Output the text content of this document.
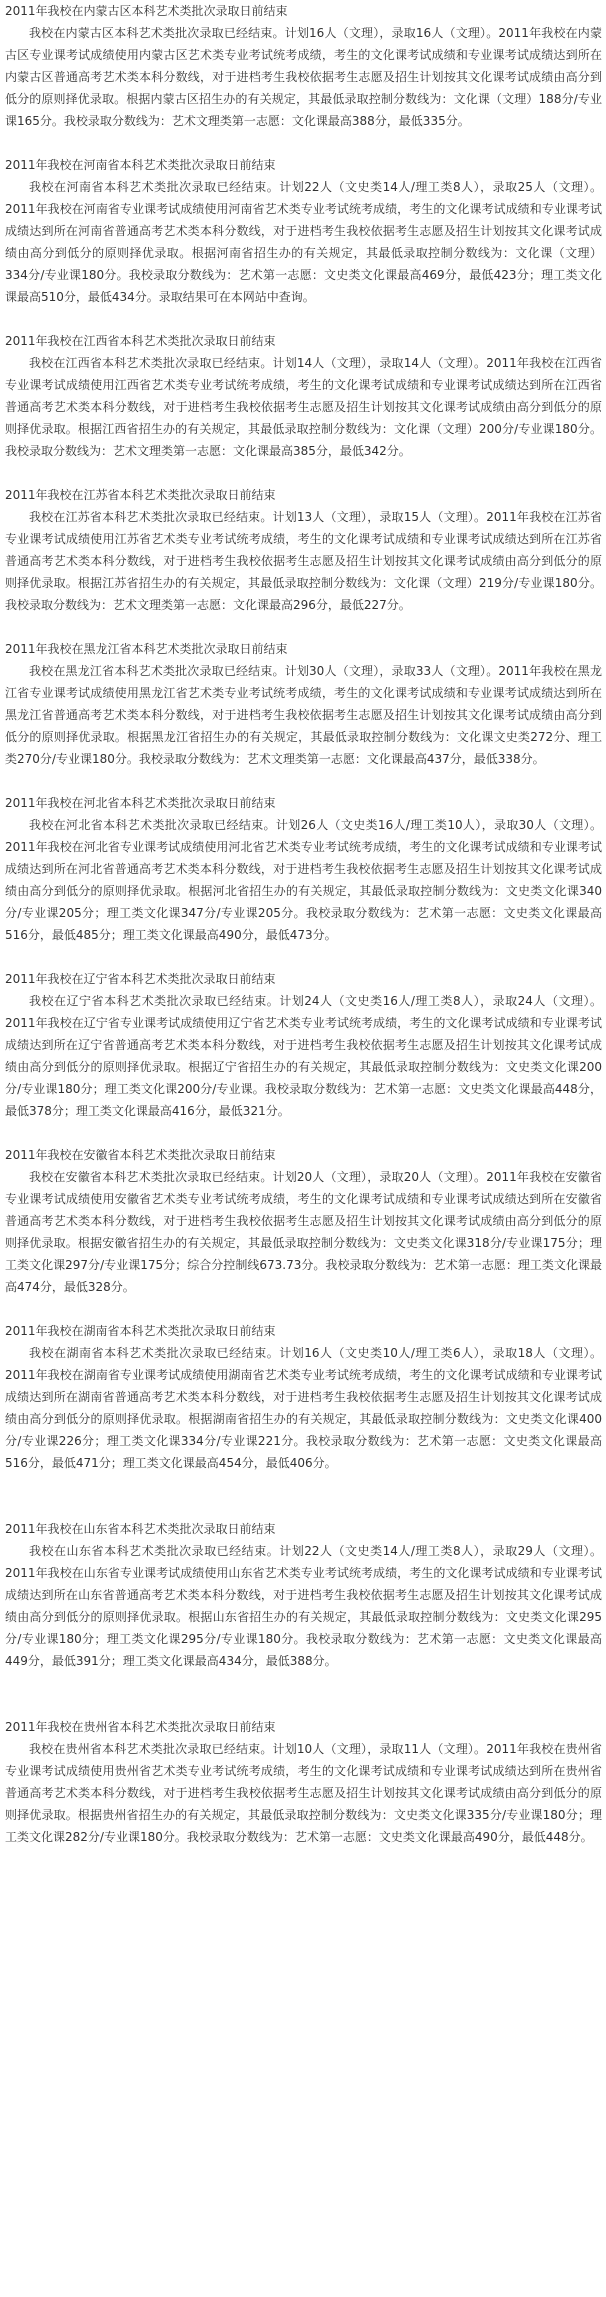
2011年我校在内蒙古区本科艺术类批次录取日前结束

我校在内蒙古区本科艺术类批次录取已经结束。计划16人（文理），录取16人（文理）。2011年我校在内蒙古区专业课考试成绩使用内蒙古区艺术类专业考试统考成绩，考生的文化课考试成绩和专业课考试成绩达到所在内蒙古区普通高考艺术类本科分数线，对于进档考生我校依据考生志愿及招生计划按其文化课考试成绩由高分到低分的原则择优录取。根据内蒙古区招生办的有关规定，其最低录取控制分数线为：文化课（文理）188分/专业课165分。我校录取分数线为：艺术文理类第一志愿：文化课最高388分，最低335分。

2011年我校在河南省本科艺术类批次录取日前结束

我校在河南省本科艺术类批次录取已经结束。计划22人（文史类14人/理工类8人），录取25人（文理）。2011年我校在河南省专业课考试成绩使用河南省艺术类专业考试统考成绩，考生的文化课考试成绩和专业课考试成绩达到所在河南省普通高考艺术类本科分数线，对于进档考生我校依据考生志愿及招生计划按其文化课考试成绩由高分到低分的原则择优录取。根据河南省招生办的有关规定，其最低录取控制分数线为：文化课（文理）334分/专业课180分。我校录取分数线为：艺术第一志愿：文史类文化课最高469分，最低423分；理工类文化课最高510分，最低434分。录取结果可在本网站中查询。

2011年我校在江西省本科艺术类批次录取日前结束

我校在江西省本科艺术类批次录取已经结束。计划14人（文理），录取14人（文理）。2011年我校在江西省专业课考试成绩使用江西省艺术类专业考试统考成绩，考生的文化课考试成绩和专业课考试成绩达到所在江西省普通高考艺术类本科分数线，对于进档考生我校依据考生志愿及招生计划按其文化课考试成绩由高分到低分的原则择优录取。根据江西省招生办的有关规定，其最低录取控制分数线为：文化课（文理）200分/专业课180分。我校录取分数线为：艺术文理类第一志愿：文化课最高385分，最低342分。

2011年我校在江苏省本科艺术类批次录取日前结束

我校在江苏省本科艺术类批次录取已经结束。计划13人（文理），录取15人（文理）。2011年我校在江苏省专业课考试成绩使用江苏省艺术类专业考试统考成绩，考生的文化课考试成绩和专业课考试成绩达到所在江苏省普通高考艺术类本科分数线，对于进档考生我校依据考生志愿及招生计划按其文化课考试成绩由高分到低分的原则择优录取。根据江苏省招生办的有关规定，其最低录取控制分数线为：文化课（文理）219分/专业课180分。我校录取分数线为：艺术文理类第一志愿：文化课最高296分，最低227分。

2011年我校在黑龙江省本科艺术类批次录取日前结束

我校在黑龙江省本科艺术类批次录取已经结束。计划30人（文理），录取33人（文理）。2011年我校在黑龙江省专业课考试成绩使用黑龙江省艺术类专业考试统考成绩，考生的文化课考试成绩和专业课考试成绩达到所在黑龙江省普通高考艺术类本科分数线，对于进档考生我校依据考生志愿及招生计划按其文化课考试成绩由高分到低分的原则择优录取。根据黑龙江省招生办的有关规定，其最低录取控制分数线为：文化课文史类272分、理工类270分/专业课180分。我校录取分数线为：艺术文理类第一志愿：文化课最高437分，最低338分。

2011年我校在河北省本科艺术类批次录取日前结束

我校在河北省本科艺术类批次录取已经结束。计划26人（文史类16人/理工类10人），录取30人（文理）。2011年我校在河北省专业课考试成绩使用河北省艺术类专业考试统考成绩，考生的文化课考试成绩和专业课考试成绩达到所在河北省普通高考艺术类本科分数线，对于进档考生我校依据考生志愿及招生计划按其文化课考试成绩由高分到低分的原则择优录取。根据河北省招生办的有关规定，其最低录取控制分数线为：文史类文化课340分/专业课205分；理工类文化课347分/专业课205分。我校录取分数线为：艺术第一志愿：文史类文化课最高516分，最低485分；理工类文化课最高490分，最低473分。

2011年我校在辽宁省本科艺术类批次录取日前结束

我校在辽宁省本科艺术类批次录取已经结束。计划24人（文史类16人/理工类8人），录取24人（文理）。2011年我校在辽宁省专业课考试成绩使用辽宁省艺术类专业考试统考成绩，考生的文化课考试成绩和专业课考试成绩达到所在辽宁省普通高考艺术类本科分数线，对于进档考生我校依据考生志愿及招生计划按其文化课考试成绩由高分到低分的原则择优录取。根据辽宁省招生办的有关规定，其最低录取控制分数线为：文史类文化课200分/专业课180分；理工类文化课200分/专业课。我校录取分数线为：艺术第一志愿：文史类文化课最高448分，最低378分；理工类文化课最高416分，最低321分。

2011年我校在安徽省本科艺术类批次录取日前结束

我校在安徽省本科艺术类批次录取已经结束。计划20人（文理），录取20人（文理）。2011年我校在安徽省专业课考试成绩使用安徽省艺术类专业考试统考成绩，考生的文化课考试成绩和专业课考试成绩达到所在安徽省普通高考艺术类本科分数线，对于进档考生我校依据考生志愿及招生计划按其文化课考试成绩由高分到低分的原则择优录取。根据安徽省招生办的有关规定，其最低录取控制分数线为：文史类文化课318分/专业课175分；理工类文化课297分/专业课175分；综合分控制线673.73分。我校录取分数线为：艺术第一志愿：理工类文化课最高474分，最低328分。

2011年我校在湖南省本科艺术类批次录取日前结束

我校在湖南省本科艺术类批次录取已经结束。计划16人（文史类10人/理工类6人），录取18人（文理）。2011年我校在湖南省专业课考试成绩使用湖南省艺术类专业考试统考成绩，考生的文化课考试成绩和专业课考试成绩达到所在湖南省普通高考艺术类本科分数线，对于进档考生我校依据考生志愿及招生计划按其文化课考试成绩由高分到低分的原则择优录取。根据湖南省招生办的有关规定，其最低录取控制分数线为：文史类文化课400分/专业课226分；理工类文化课334分/专业课221分。我校录取分数线为：艺术第一志愿：文史类文化课最高516分，最低471分；理工类文化课最高454分，最低406分。

2011年我校在山东省本科艺术类批次录取日前结束

我校在山东省本科艺术类批次录取已经结束。计划22人（文史类14人/理工类8人），录取29人（文理）。2011年我校在山东省专业课考试成绩使用山东省艺术类专业考试统考成绩，考生的文化课考试成绩和专业课考试成绩达到所在山东省普通高考艺术类本科分数线，对于进档考生我校依据考生志愿及招生计划按其文化课考试成绩由高分到低分的原则择优录取。根据山东省招生办的有关规定，其最低录取控制分数线为：文史类文化课295分/专业课180分；理工类文化课295分/专业课180分。我校录取分数线为：艺术第一志愿：文史类文化课最高449分，最低391分；理工类文化课最高434分，最低388分。

2011年我校在贵州省本科艺术类批次录取日前结束

我校在贵州省本科艺术类批次录取已经结束。计划10人（文理），录取11人（文理）。2011年我校在贵州省专业课考试成绩使用贵州省艺术类专业考试统考成绩，考生的文化课考试成绩和专业课考试成绩达到所在贵州省普通高考艺术类本科分数线，对于进档考生我校依据考生志愿及招生计划按其文化课考试成绩由高分到低分的原则择优录取。根据贵州省招生办的有关规定，其最低录取控制分数线为：文史类文化课335分/专业课180分；理工类文化课282分/专业课180分。我校录取分数线为：艺术第一志愿：文史类文化课最高490分，最低448分。
